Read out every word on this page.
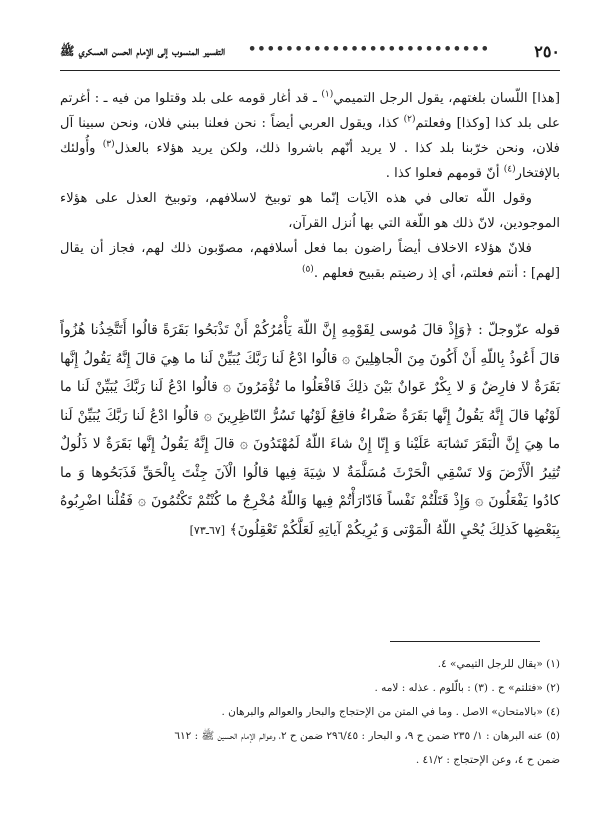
٢٥٠
••••••••••••••••••••••••••
التفسير المنسوب إلى الإمام الحسن العسكري ﷺ

[هذا] اللّسان بلغتهم، يقول الرجل التميمي$^{(١)}$ ـ قد أغار قومه على بلد وقتلوا من فيه ـ : أغرتم على بلد كذا [وكذا] وفعلتم$^{(٢)}$ كذا، ويقول العربي أيضاً : نحن فعلنا ببني فلان، ونحن سبينا آل فلان، ونحن خرّبنا بلد كذا . لا يريد أنّهم باشروا ذلك، ولكن يريد هؤلاء بالعذل$^{(٣)}$ وأُولئك بالإفتخار$^{(٤)}$ أنّ قومهم فعلوا كذا .

وقول اللّه تعالى في هذه الآيات إنّما هو توبيخ لاسلافهم، وتوبيخ العذل على هؤلاء الموجودين، لانّ ذلك هو اللّغة التي بها اُنزل القرآن،

فلانّ هؤلاء الاخلاف أيضاً راضون بما فعل أسلافهم، مصوّبون ذلك لهم، فجاز أن يقال [لهم] : أنتم فعلتم، أي إذ رضيتم بقبيح فعلهم .$^{(٥)}$

قوله عزّوجلّ : ﴿وَإِذْ قالَ مُوسى لِقَوْمِهِ إِنَّ اللّهَ يَأْمُرُكُمْ أَنْ تَذْبَحُوا بَقَرَةً قالُوا أَتَتَّخِذُنا هُزُواً قالَ أَعُوذُ بِاللّهِ أَنْ أَكُونَ مِنَ الْجاهِلِينَ ۞ قالُوا ادْعُ لَنا رَبَّكَ يُبَيِّنْ لَنا ما هِيَ قالَ إِنَّهُ يَقُولُ إِنَّها بَقَرَةٌ لا فارِضٌ وَ لا بِكْرٌ عَوانٌ بَيْنَ ذلِكَ فَافْعَلُوا ما تُؤْمَرُونَ ۞ قالُوا ادْعُ لَنا رَبَّكَ يُبَيِّنْ لَنا ما لَوْنُها قالَ إِنَّهُ يَقُولُ إِنَّها بَقَرَةٌ صَفْراءُ فاقِعٌ لَوْنُها تَسُرُّ النّاظِرِينَ ۞ قالُوا ادْعُ لَنا رَبَّكَ يُبَيِّنْ لَنا ما هِيَ إِنَّ الْبَقَرَ تَشابَهَ عَلَيْنا وَ إِنّا إِنْ شاءَ اللّهُ لَمُهْتَدُونَ ۞ قالَ إِنَّهُ يَقُولُ إِنَّها بَقَرَةٌ لا ذَلُولٌ تُثِيرُ الْأَرْضَ وَلا تَسْقِي الْحَرْثَ مُسَلَّمَةٌ لا شِيَةَ فِيها قالُوا الْآنَ جِئْتَ بِالْحَقِّ فَذَبَحُوها وَ ما كادُوا يَفْعَلُونَ ۞ وَإِذْ قَتَلْتُمْ نَفْساً فَادّارَأْتُمْ فِيها وَاللّهُ مُخْرِجٌ ما كُنْتُمْ تَكْتُمُونَ ۞ فَقُلْنا اضْرِبُوهُ بِبَعْضِها كَذلِكَ يُحْيِ اللّهُ الْمَوْتى وَ يُرِيكُمْ آياتِهِ لَعَلَّكُمْ تَعْقِلُونَ﴾ [٦٧ـ٧٣]

(١) «يقال للرجل التيمي» ٤.

(٢) «فتلتم» ح . (٣) : بالّلوم . عذله : لامه .

(٤) «بالامتحان» الاصل . وما في المتن من الإحتجاج والبحار والعوالم والبرهان .

(٥) عنه البرهان : ١/ ٢٣٥ ضمن ح ٩، و البحار : ٢٩٦/٤٥ ضمن ح ٢، وعوالم الإمام الحسين ﷺ : ٦١٢

ضمن ح ٤، وعن الإحتجاج : ٤١/٢ .
